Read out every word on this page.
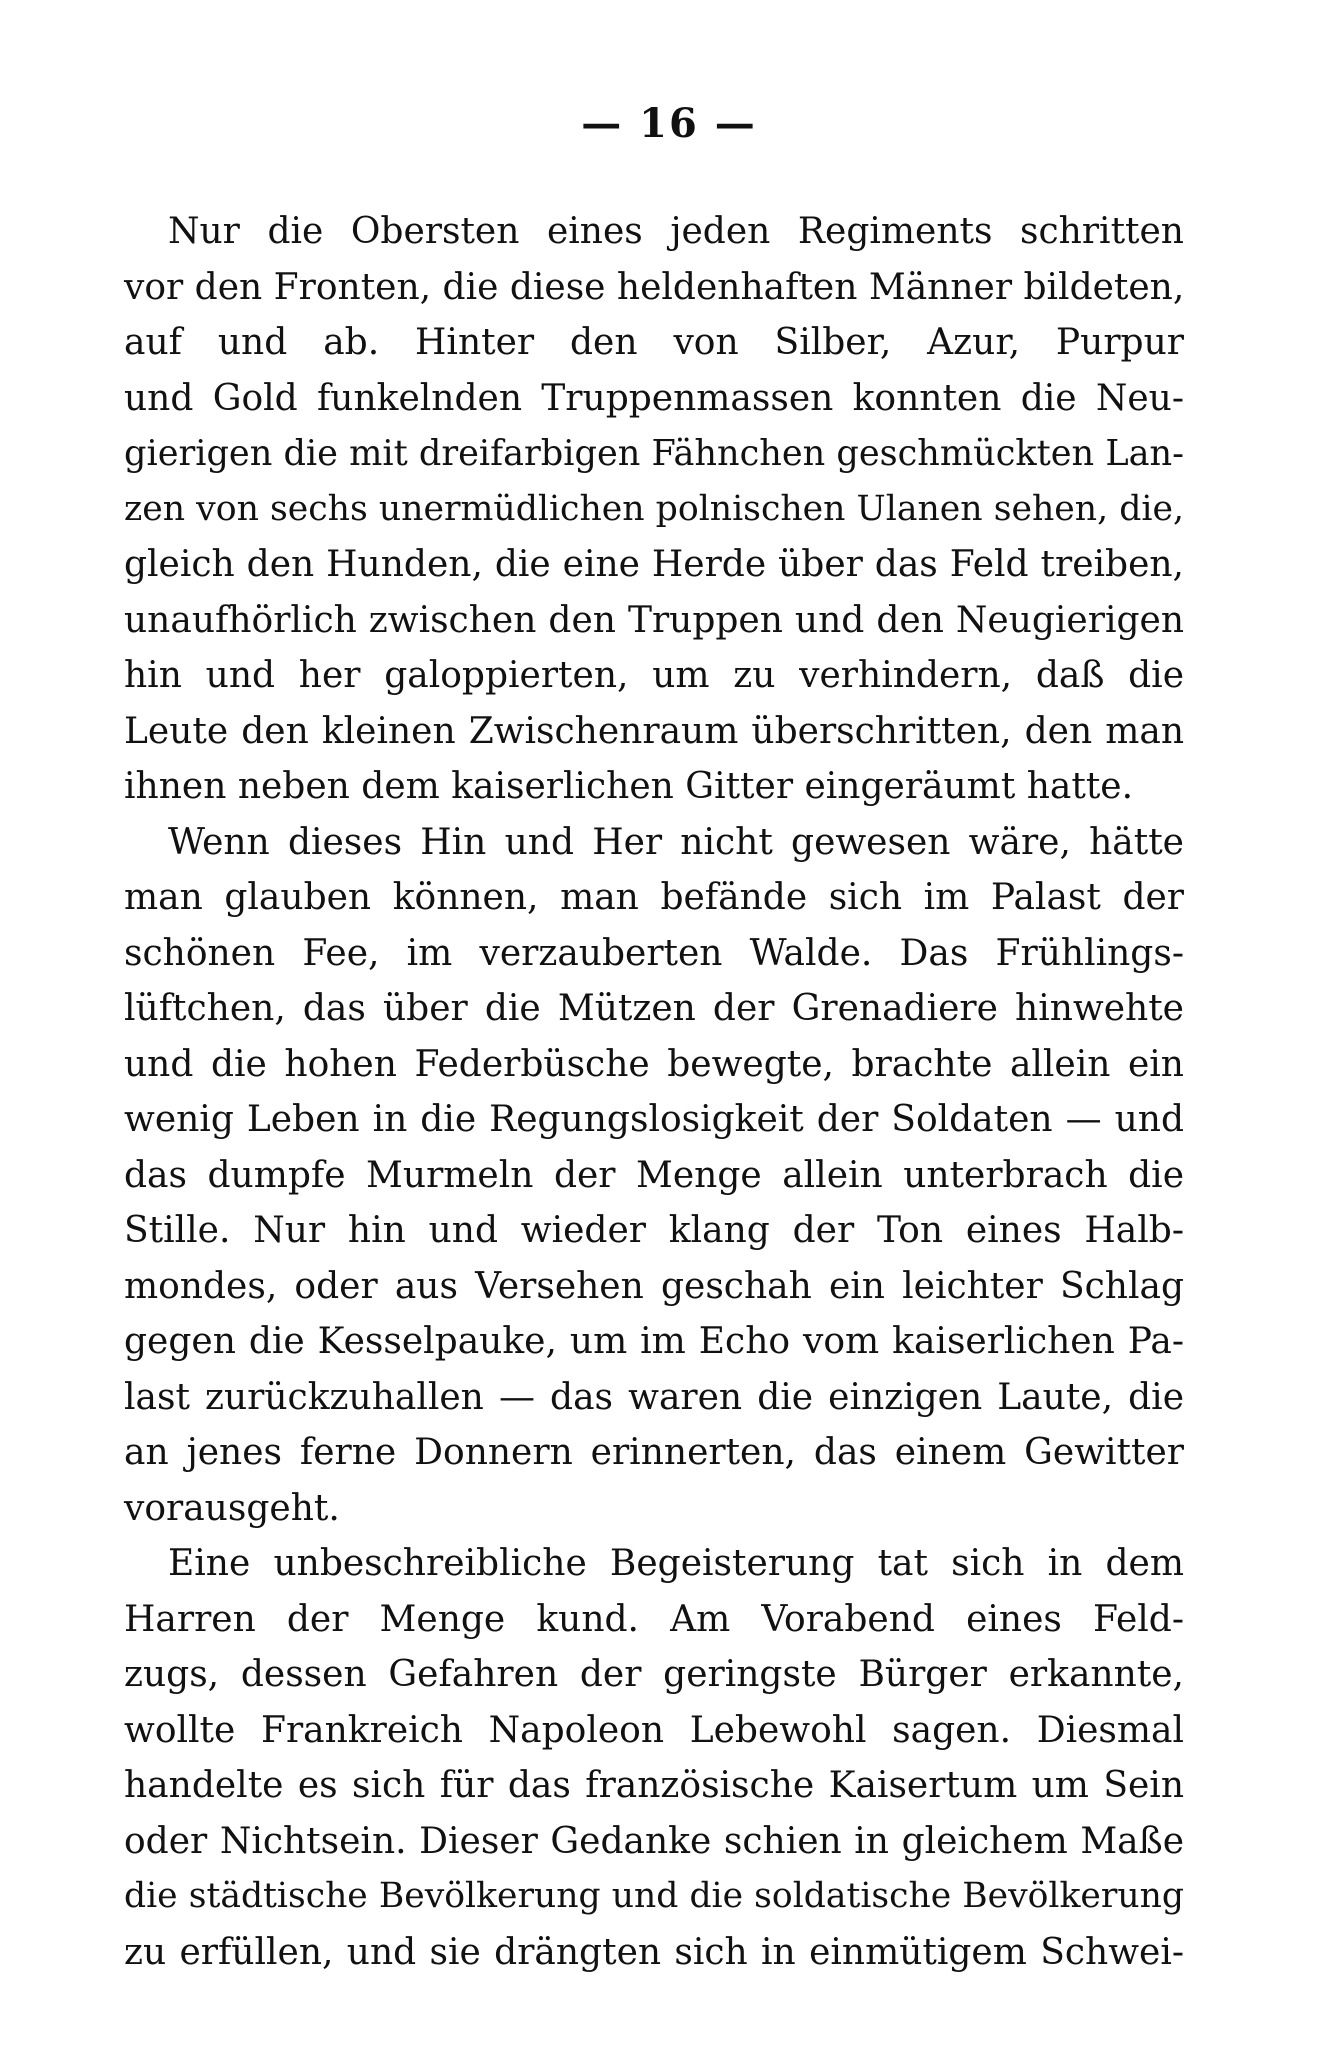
— 16 —
Nur die Obersten eines jeden Regiments schritten
vor den Fronten, die diese heldenhaften Männer bildeten,
auf und ab. Hinter den von Silber, Azur, Purpur
und Gold funkelnden Truppenmassen konnten die Neu-
gierigen die mit dreifarbigen Fähnchen geschmückten Lan-
zen von sechs unermüdlichen polnischen Ulanen sehen, die,
gleich den Hunden, die eine Herde über das Feld treiben,
unaufhörlich zwischen den Truppen und den Neugierigen
hin und her galoppierten, um zu verhindern, daß die
Leute den kleinen Zwischenraum überschritten, den man
ihnen neben dem kaiserlichen Gitter eingeräumt hatte.
Wenn dieses Hin und Her nicht gewesen wäre, hätte
man glauben können, man befände sich im Palast der
schönen Fee, im verzauberten Walde. Das Frühlings-
lüftchen, das über die Mützen der Grenadiere hinwehte
und die hohen Federbüsche bewegte, brachte allein ein
wenig Leben in die Regungslosigkeit der Soldaten — und
das dumpfe Murmeln der Menge allein unterbrach die
Stille. Nur hin und wieder klang der Ton eines Halb-
mondes, oder aus Versehen geschah ein leichter Schlag
gegen die Kesselpauke, um im Echo vom kaiserlichen Pa-
last zurückzuhallen — das waren die einzigen Laute, die
an jenes ferne Donnern erinnerten, das einem Gewitter
vorausgeht.
Eine unbeschreibliche Begeisterung tat sich in dem
Harren der Menge kund. Am Vorabend eines Feld-
zugs, dessen Gefahren der geringste Bürger erkannte,
wollte Frankreich Napoleon Lebewohl sagen. Diesmal
handelte es sich für das französische Kaisertum um Sein
oder Nichtsein. Dieser Gedanke schien in gleichem Maße
die städtische Bevölkerung und die soldatische Bevölkerung
zu erfüllen, und sie drängten sich in einmütigem Schwei-
